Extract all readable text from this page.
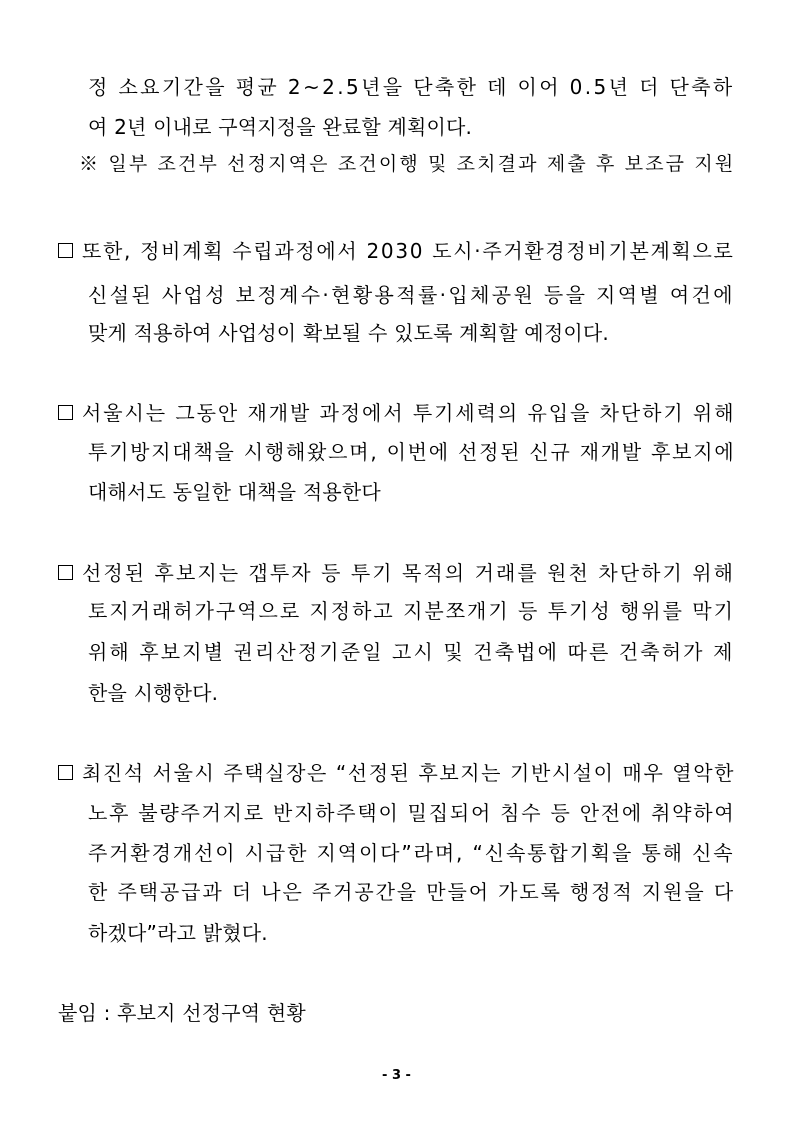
정 소요기간을 평균 2~2.5년을 단축한 데 이어 0.5년 더 단축하
여 2년 이내로 구역지정을 완료할 계획이다.
※ 일부 조건부 선정지역은 조건이행 및 조치결과 제출 후 보조금 지원
또한, 정비계획 수립과정에서 2030 도시·주거환경정비기본계획으로
신설된 사업성 보정계수·현황용적률·입체공원 등을 지역별 여건에
맞게 적용하여 사업성이 확보될 수 있도록 계획할 예정이다.
서울시는 그동안 재개발 과정에서 투기세력의 유입을 차단하기 위해
투기방지대책을 시행해왔으며, 이번에 선정된 신규 재개발 후보지에
대해서도 동일한 대책을 적용한다
선정된 후보지는 갭투자 등 투기 목적의 거래를 원천 차단하기 위해
토지거래허가구역으로 지정하고 지분쪼개기 등 투기성 행위를 막기
위해 후보지별 권리산정기준일 고시 및 건축법에 따른 건축허가 제
한을 시행한다.
최진석 서울시 주택실장은 “선정된 후보지는 기반시설이 매우 열악한
노후 불량주거지로 반지하주택이 밀집되어 침수 등 안전에 취약하여
주거환경개선이 시급한 지역이다”라며, “신속통합기획을 통해 신속
한 주택공급과 더 나은 주거공간을 만들어 가도록 행정적 지원을 다
하겠다”라고 밝혔다.
붙임 : 후보지 선정구역 현황
- 3 -
